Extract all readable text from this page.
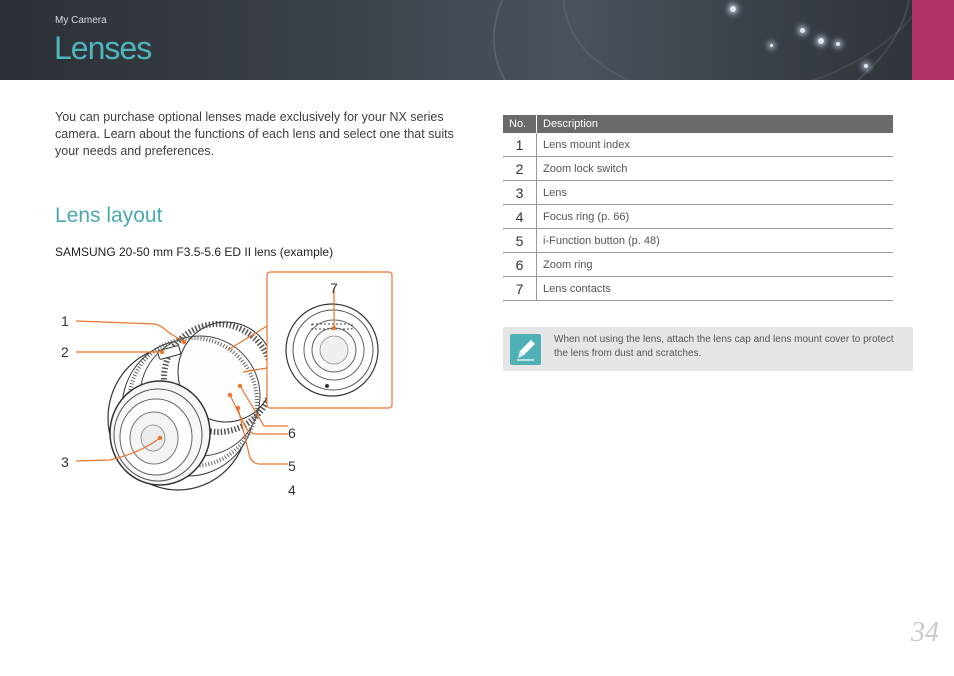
My Camera
Lenses

You can purchase optional lenses made exclusively for your NX series camera. Learn about the functions of each lens and select one that suits your needs and preferences.

Lens layout
SAMSUNG 20-50 mm F3.5-5.6 ED II lens (example)
1
2
3
4
5
6
7
No.	Description
1	Lens mount index
2	Zoom lock switch
3	Lens
4	Focus ring (p. 66)
5	i-Function button (p. 48)
6	Zoom ring
7	Lens contacts
When not using the lens, attach the lens cap and lens mount cover to protect the lens from dust and scratches.
34
